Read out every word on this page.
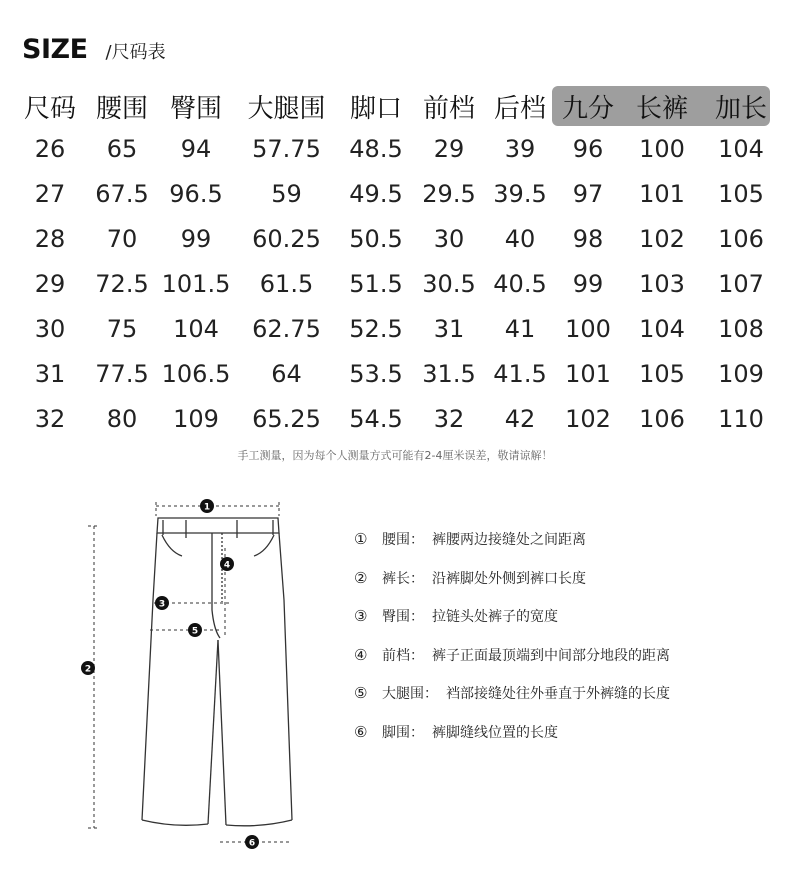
SIZE /尺码表
尺码	腰围	臀围	大腿围	脚口	前档	后档	九分	长裤	加长
26	65	94	57.75	48.5	29	39	96	100	104
27	67.5	96.5	59	49.5	29.5	39.5	97	101	105
28	70	99	60.25	50.5	30	40	98	102	106
29	72.5	101.5	61.5	51.5	30.5	40.5	99	103	107
30	75	104	62.75	52.5	31	41	100	104	108
31	77.5	106.5	64	53.5	31.5	41.5	101	105	109
32	80	109	65.25	54.5	32	42	102	106	110
手工测量，因为每个人测量方式可能有2-4厘米误差，敬请谅解！
1
2
3
4
5
6
①	腰围： 裤腰两边接缝处之间距离
②	裤长： 沿裤脚处外侧到裤口长度
③	臀围： 拉链头处裤子的宽度
④	前档： 裤子正面最顶端到中间部分地段的距离
⑤	大腿围： 裆部接缝处往外垂直于外裤缝的长度
⑥	脚围： 裤脚缝线位置的长度
